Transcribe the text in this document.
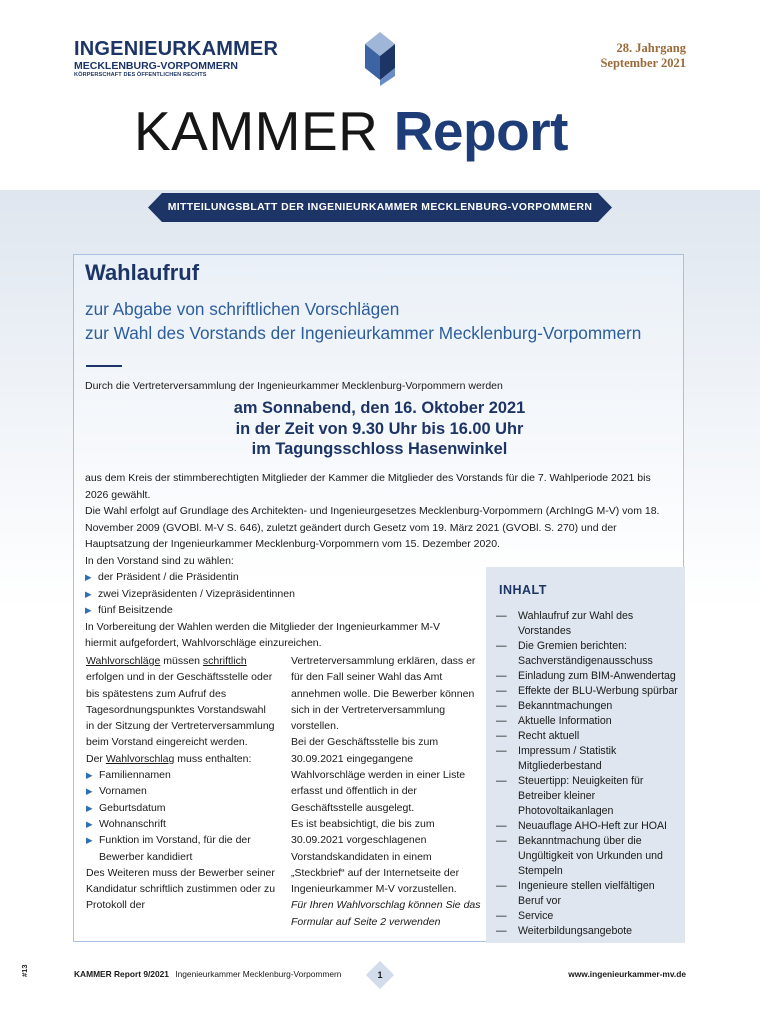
INGENIEURKAMMER
MECKLENBURG-VORPOMMERN
KÖRPERSCHAFT DES ÖFFENTLICHEN RECHTS
28. Jahrgang
September 2021
KAMMER Report
MITTEILUNGSBLATT DER INGENIEURKAMMER MECKLENBURG-VORPOMMERN
Wahlaufruf
zur Abgabe von schriftlichen Vorschlägen
zur Wahl des Vorstands der Ingenieurkammer Mecklenburg-Vorpommern
Durch die Vertreterversammlung der Ingenieurkammer Mecklenburg-Vorpommern werden
am Sonnabend, den 16. Oktober 2021
in der Zeit von 9.30 Uhr bis 16.00 Uhr
im Tagungsschloss Hasenwinkel

aus dem Kreis der stimmberechtigten Mitglieder der Kammer die Mitglieder des Vorstands für die 7. Wahlperiode 2021 bis 2026 gewählt.

Die Wahl erfolgt auf Grundlage des Architekten- und Ingenieurgesetzes Mecklenburg-Vorpommern (ArchIngG M-V) vom 18. November 2009 (GVOBl. M-V S. 646), zuletzt geändert durch Gesetz vom 19. März 2021 (GVOBl. S. 270) und der Hauptsatzung der Ingenieurkammer Mecklenburg-Vorpommern vom 15. Dezember 2020.

In den Vorstand sind zu wählen:

▶ der Präsident / die Präsidentin
▶ zwei Vizepräsidenten / Vizepräsidentinnen
▶ fünf Beisitzende

In Vorbereitung der Wahlen werden die Mitglieder der Ingenieurkammer M-V hiermit aufgefordert, Wahlvorschläge einzureichen.

Wahlvorschläge müssen schriftlich erfolgen und in der Geschäftsstelle oder bis spätestens zum Aufruf des Tagesordnungspunktes Vorstandswahl in der Sitzung der Vertreterversammlung beim Vorstand eingereicht werden.

Der Wahlvorschlag muss enthalten:

▶ Familiennamen
▶ Vornamen
▶ Geburtsdatum
▶ Wohnanschrift
▶ Funktion im Vorstand, für die der Bewerber kandidiert

Des Weiteren muss der Bewerber seiner Kandidatur schriftlich zustimmen oder zu Protokoll der

Vertreterversammlung erklären, dass er für den Fall seiner Wahl das Amt annehmen wolle. Die Bewerber können sich in der Vertreterversammlung vorstellen.

Bei der Geschäftsstelle bis zum 30.09.2021 eingegangene Wahlvorschläge werden in einer Liste erfasst und öffentlich in der Geschäftsstelle ausgelegt.

Es ist beabsichtigt, die bis zum 30.09.2021 vorgeschlagenen Vorstandskandidaten in einem „Steckbrief“ auf der Internetseite der Ingenieurkammer M-V vorzustellen.

Für Ihren Wahlvorschlag können Sie das Formular auf Seite 2 verwenden

INHALT
— Wahlaufruf zur Wahl des Vorstandes
— Die Gremien berichten: Sachverständigenausschuss
— Einladung zum BIM-Anwendertag
— Effekte der BLU-Werbung spürbar
— Bekanntmachungen
— Aktuelle Information
— Recht aktuell
— Impressum / Statistik Mitgliederbestand
— Steuertipp: Neuigkeiten für Betreiber kleiner Photovoltaikanlagen
— Neuauflage AHO-Heft zur HOAI
— Bekanntmachung über die Ungültigkeit von Urkunden und Stempeln
— Ingenieure stellen vielfältigen Beruf vor
— Service
— Weiterbildungsangebote
#13	KAMMER Report 9/2021 Ingenieurkammer Mecklenburg-Vorpommern	1	www.ingenieurkammer-mv.de
